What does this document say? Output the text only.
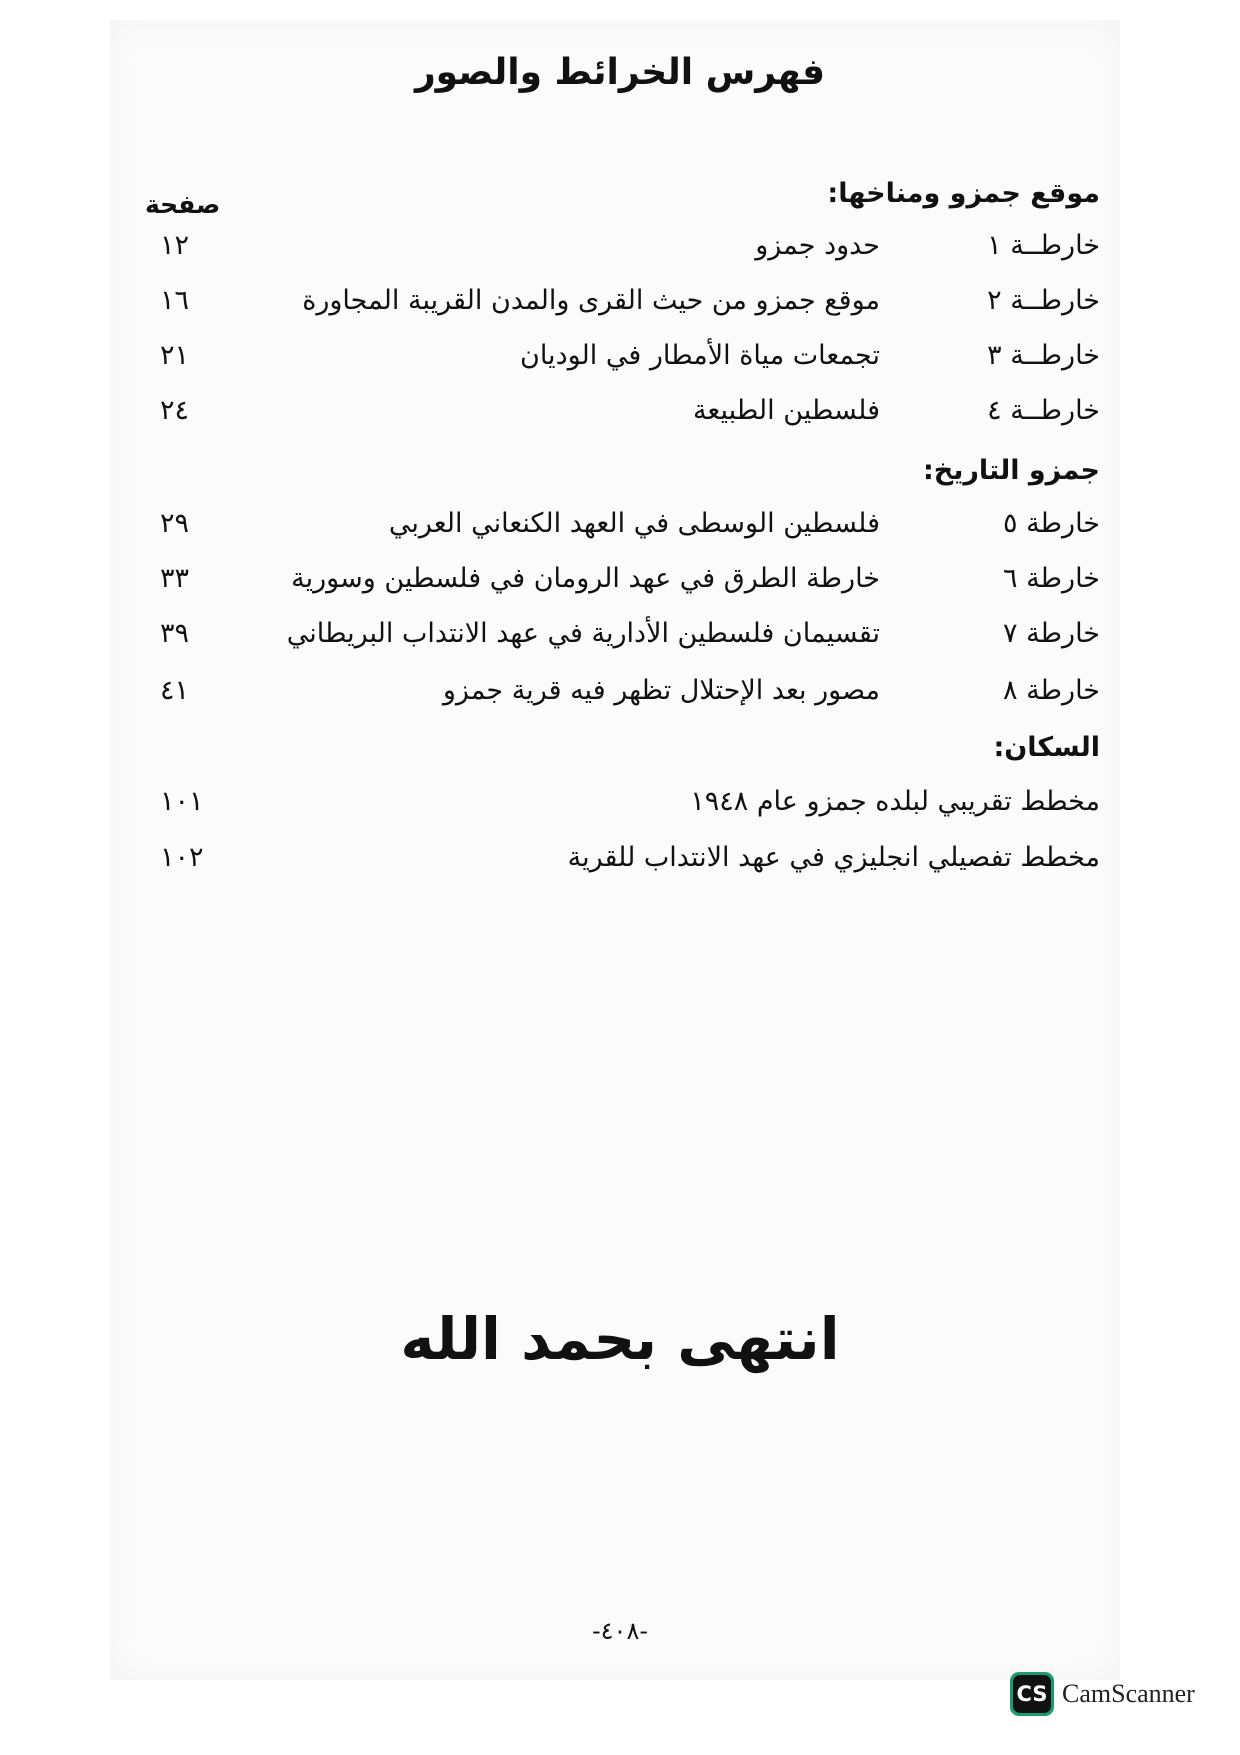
فهرس الخرائط والصور
صفحة	موقع جمزو ومناخها:
خارطــة ١
حدود جمزو
١٢
خارطــة ٢
موقع جمزو من حيث القرى والمدن القريبة المجاورة
١٦
خارطــة ٣
تجمعات مياة الأمطار في الوديان
٢١
خارطــة ٤
فلسطين الطبيعة
٢٤
جمزو التاريخ:
خارطة ٥
فلسطين الوسطى في العهد الكنعاني العربي
٢٩
خارطة ٦
خارطة الطرق في عهد الرومان في فلسطين وسورية
٣٣
خارطة ٧
تقسيمان فلسطين الأدارية في عهد الانتداب البريطاني
٣٩
خارطة ٨
مصور بعد الإحتلال تظهر فيه قرية جمزو
٤١
السكان:
مخطط تقريبي لبلده جمزو عام ١٩٤٨
١٠١
مخطط تفصيلي انجليزي في عهد الانتداب للقرية
١٠٢
انتهى بحمد الله
-٤٠٨-
CS CamScanner
